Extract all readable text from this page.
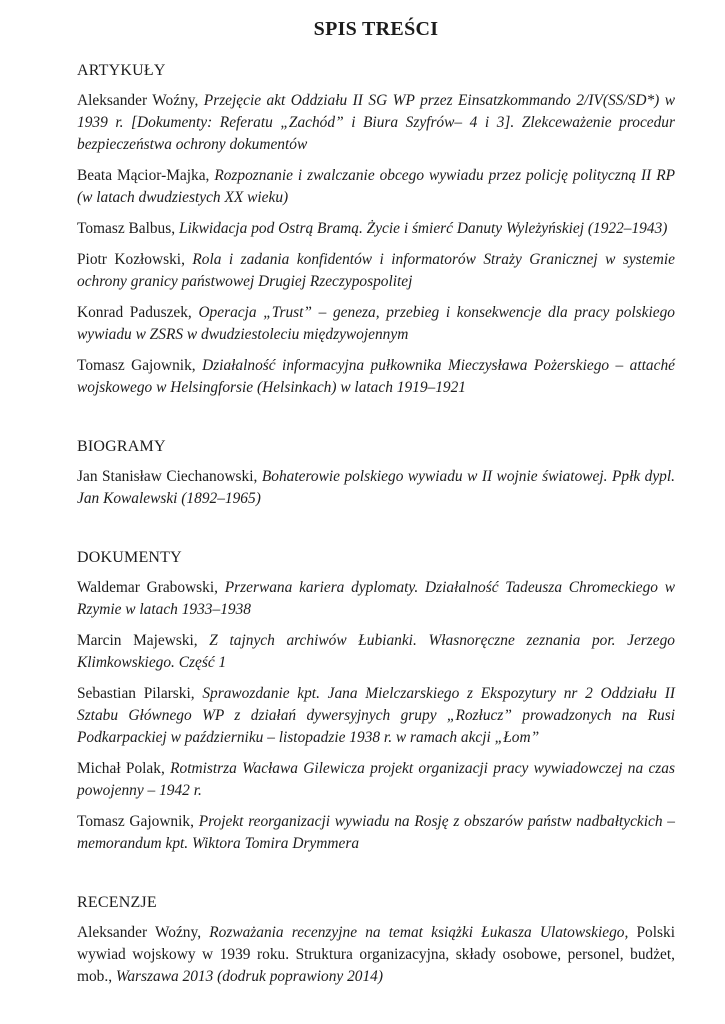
SPIS TREŚCI
ARTYKUŁY

Aleksander Woźny, Przejęcie akt Oddziału II SG WP przez Einsatzkommando 2/IV(SS/SD*) w 1939 r. [Dokumenty: Referatu „Zachód” i Biura Szyfrów– 4 i 3]. Zlekceważenie procedur bezpieczeństwa ochrony dokumentów

Beata Mącior-Majka, Rozpoznanie i zwalczanie obcego wywiadu przez policję polityczną II RP (w latach dwudziestych XX wieku)

Tomasz Balbus, Likwidacja pod Ostrą Bramą. Życie i śmierć Danuty Wyleżyńskiej (1922–1943)

Piotr Kozłowski, Rola i zadania konfidentów i informatorów Straży Granicznej w systemie ochrony granicy państwowej Drugiej Rzeczypospolitej

Konrad Paduszek, Operacja „Trust” – geneza, przebieg i konsekwencje dla pracy polskiego wywiadu w ZSRS w dwudziestoleciu międzywojennym

Tomasz Gajownik, Działalność informacyjna pułkownika Mieczysława Pożerskiego – attaché wojskowego w Helsingforsie (Helsinkach) w latach 1919–1921

BIOGRAMY

Jan Stanisław Ciechanowski, Bohaterowie polskiego wywiadu w II wojnie światowej. Ppłk dypl. Jan Kowalewski (1892–1965)

DOKUMENTY

Waldemar Grabowski, Przerwana kariera dyplomaty. Działalność Tadeusza Chromeckiego w Rzymie w latach 1933–1938

Marcin Majewski, Z tajnych archiwów Łubianki. Własnoręczne zeznania por. Jerzego Klimkowskiego. Część 1

Sebastian Pilarski, Sprawozdanie kpt. Jana Mielczarskiego z Ekspozytury nr 2 Oddziału II Sztabu Głównego WP z działań dywersyjnych grupy „Rozłucz” prowadzonych na Rusi Podkarpackiej w październiku – listopadzie 1938 r. w ramach akcji „Łom”

Michał Polak, Rotmistrza Wacława Gilewicza projekt organizacji pracy wywiadowczej na czas powojenny – 1942 r.

Tomasz Gajownik, Projekt reorganizacji wywiadu na Rosję z obszarów państw nadbałtyckich – memorandum kpt. Wiktora Tomira Drymmera

RECENZJE

Aleksander Woźny, Rozważania recenzyjne na temat książki Łukasza Ulatowskiego, Polski wywiad wojskowy w 1939 roku. Struktura organizacyjna, składy osobowe, personel, budżet, mob., Warszawa 2013 (dodruk poprawiony 2014)
